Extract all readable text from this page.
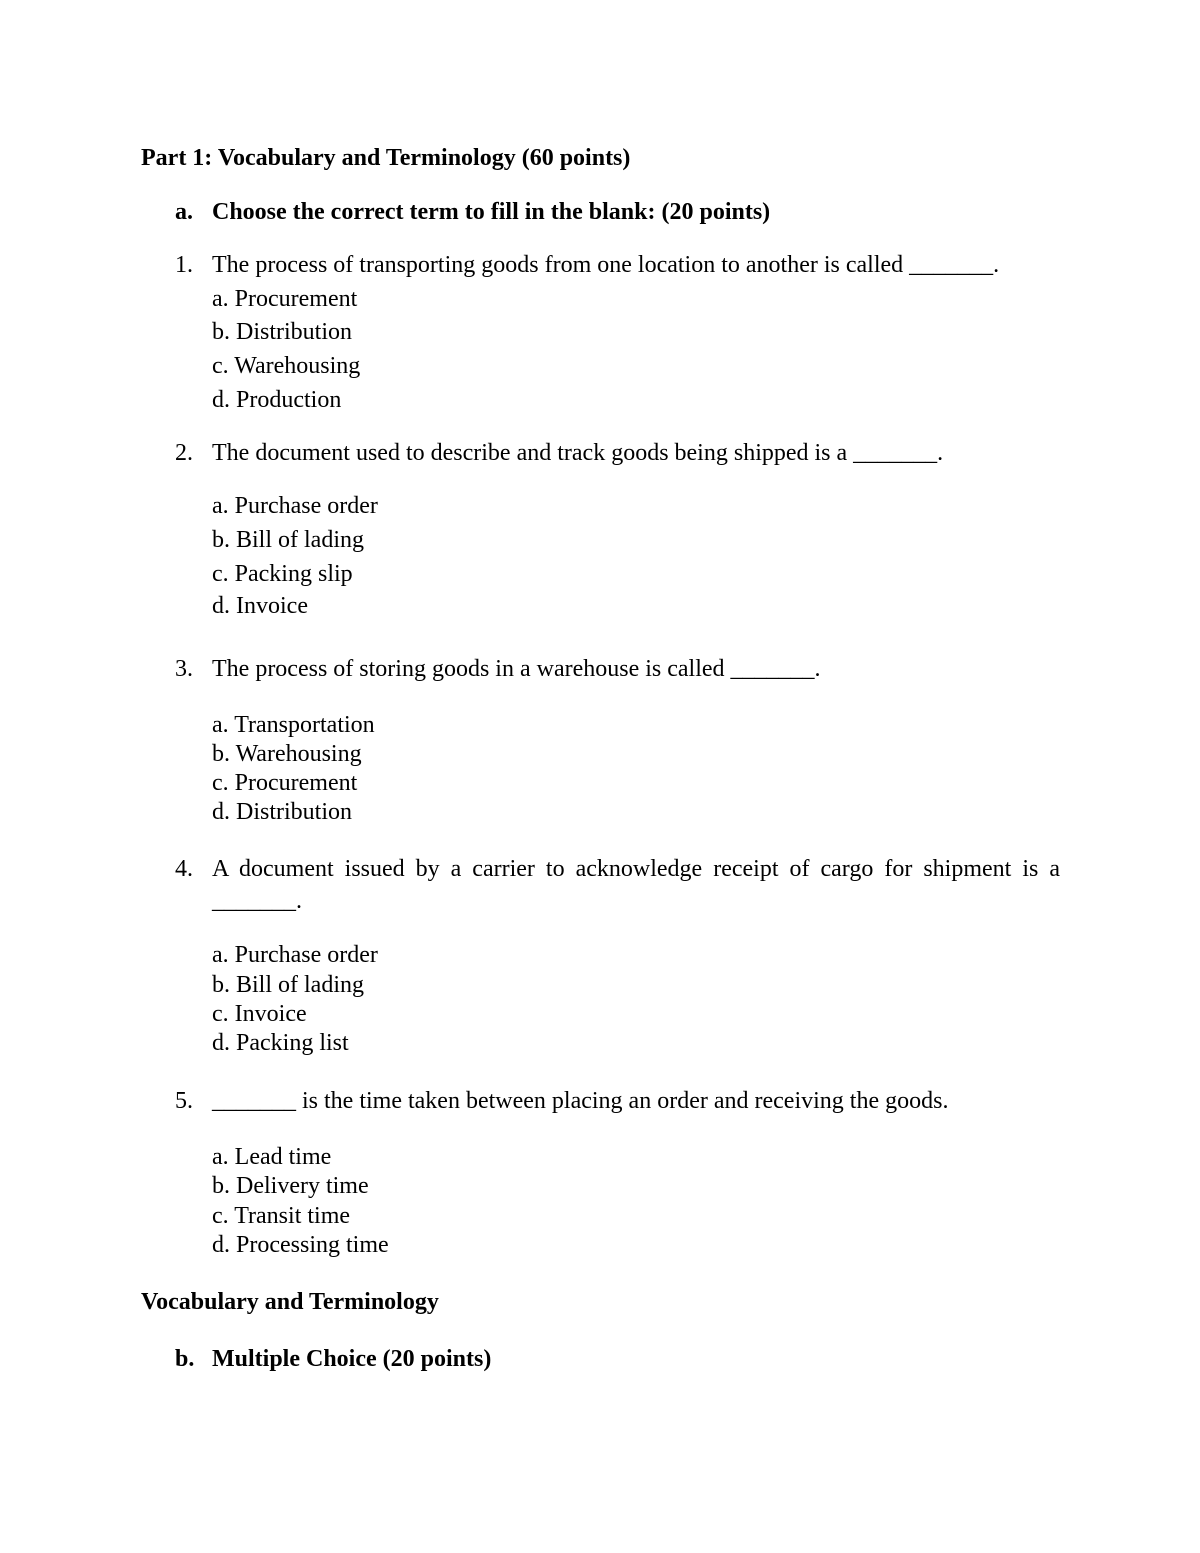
Part 1: Vocabulary and Terminology (60 points)
a. Choose the correct term to fill in the blank: (20 points)
1. The process of transporting goods from one location to another is called _______.
a. Procurement
b. Distribution
c. Warehousing
d. Production
2. The document used to describe and track goods being shipped is a _______.
a. Purchase order
b. Bill of lading
c. Packing slip
d. Invoice
3. The process of storing goods in a warehouse is called _______.
a. Transportation
b. Warehousing
c. Procurement
d. Distribution
4. A document issued by a carrier to acknowledge receipt of cargo for shipment is a
_______.
a. Purchase order
b. Bill of lading
c. Invoice
d. Packing list
5. _______ is the time taken between placing an order and receiving the goods.
a. Lead time
b. Delivery time
c. Transit time
d. Processing time
Vocabulary and Terminology
b. Multiple Choice (20 points)
